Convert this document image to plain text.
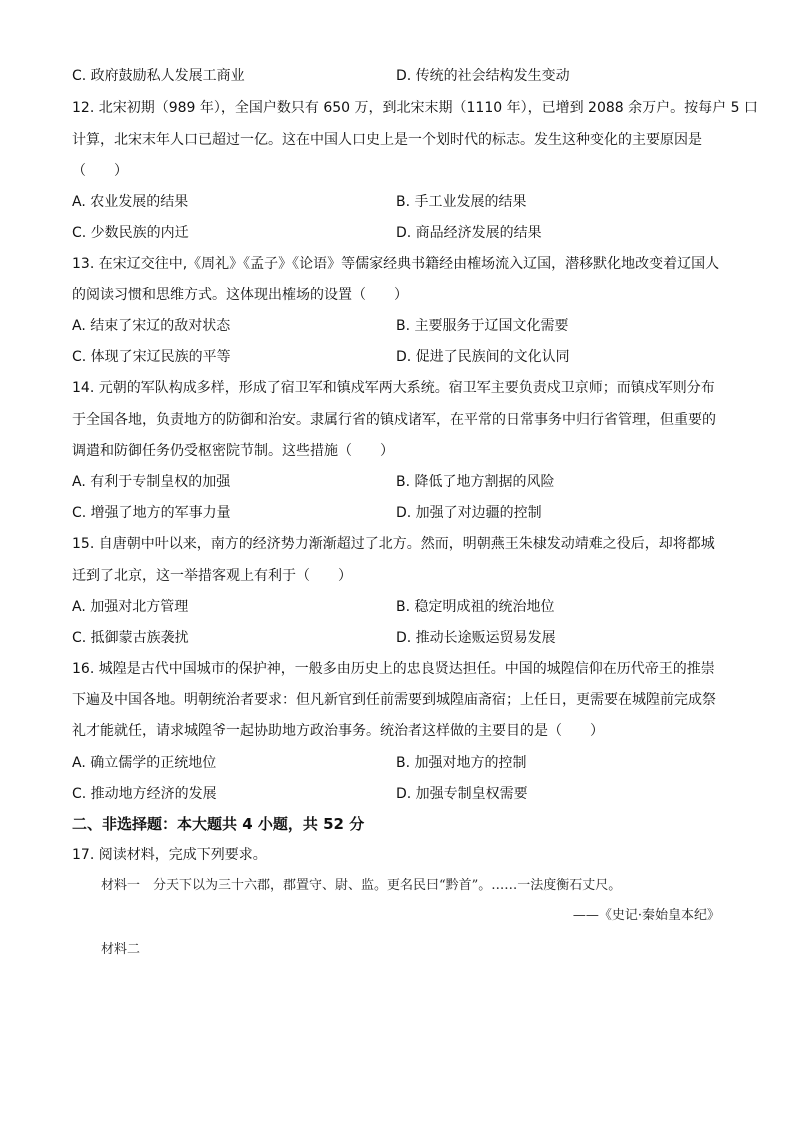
C. 政府鼓励私人发展工商业	D. 传统的社会结构发生变动
12. 北宋初期（989 年），全国户数只有 650 万，到北宋末期（1110 年），已增到 2088 余万户。按每户 5 口
计算，北宋末年人口已超过一亿。这在中国人口史上是一个划时代的标志。发生这种变化的主要原因是
（　　）
A. 农业发展的结果	B. 手工业发展的结果
C. 少数民族的内迁	D. 商品经济发展的结果
13. 在宋辽交往中,《周礼》《孟子》《论语》等儒家经典书籍经由榷场流入辽国，潜移默化地改变着辽国人
的阅读习惯和思维方式。这体现出榷场的设置（　　）
A. 结束了宋辽的敌对状态	B. 主要服务于辽国文化需要
C. 体现了宋辽民族的平等	D. 促进了民族间的文化认同
14. 元朝的军队构成多样，形成了宿卫军和镇戍军两大系统。宿卫军主要负责戍卫京师；而镇戍军则分布
于全国各地，负责地方的防御和治安。隶属行省的镇戍诸军，在平常的日常事务中归行省管理，但重要的
调遣和防御任务仍受枢密院节制。这些措施（　　）
A. 有利于专制皇权的加强	B. 降低了地方割据的风险
C. 增强了地方的军事力量	D. 加强了对边疆的控制
15. 自唐朝中叶以来，南方的经济势力渐渐超过了北方。然而，明朝燕王朱棣发动靖难之役后，却将都城
迁到了北京，这一举措客观上有利于（　　）
A. 加强对北方管理	B. 稳定明成祖的统治地位
C. 抵御蒙古族袭扰	D. 推动长途贩运贸易发展
16. 城隍是古代中国城市的保护神，一般多由历史上的忠良贤达担任。中国的城隍信仰在历代帝王的推崇
下遍及中国各地。明朝统治者要求：但凡新官到任前需要到城隍庙斋宿；上任日，更需要在城隍前完成祭
礼才能就任，请求城隍爷一起协助地方政治事务。统治者这样做的主要目的是（　　）
A. 确立儒学的正统地位	B. 加强对地方的控制
C. 推动地方经济的发展	D. 加强专制皇权需要
二、非选择题：本大题共 4 小题，共 52 分
17. 阅读材料，完成下列要求。
材料一　分天下以为三十六郡，郡置守、尉、监。更名民曰“黔首”。……一法度衡石丈尺。
——《史记·秦始皇本纪》
材料二
